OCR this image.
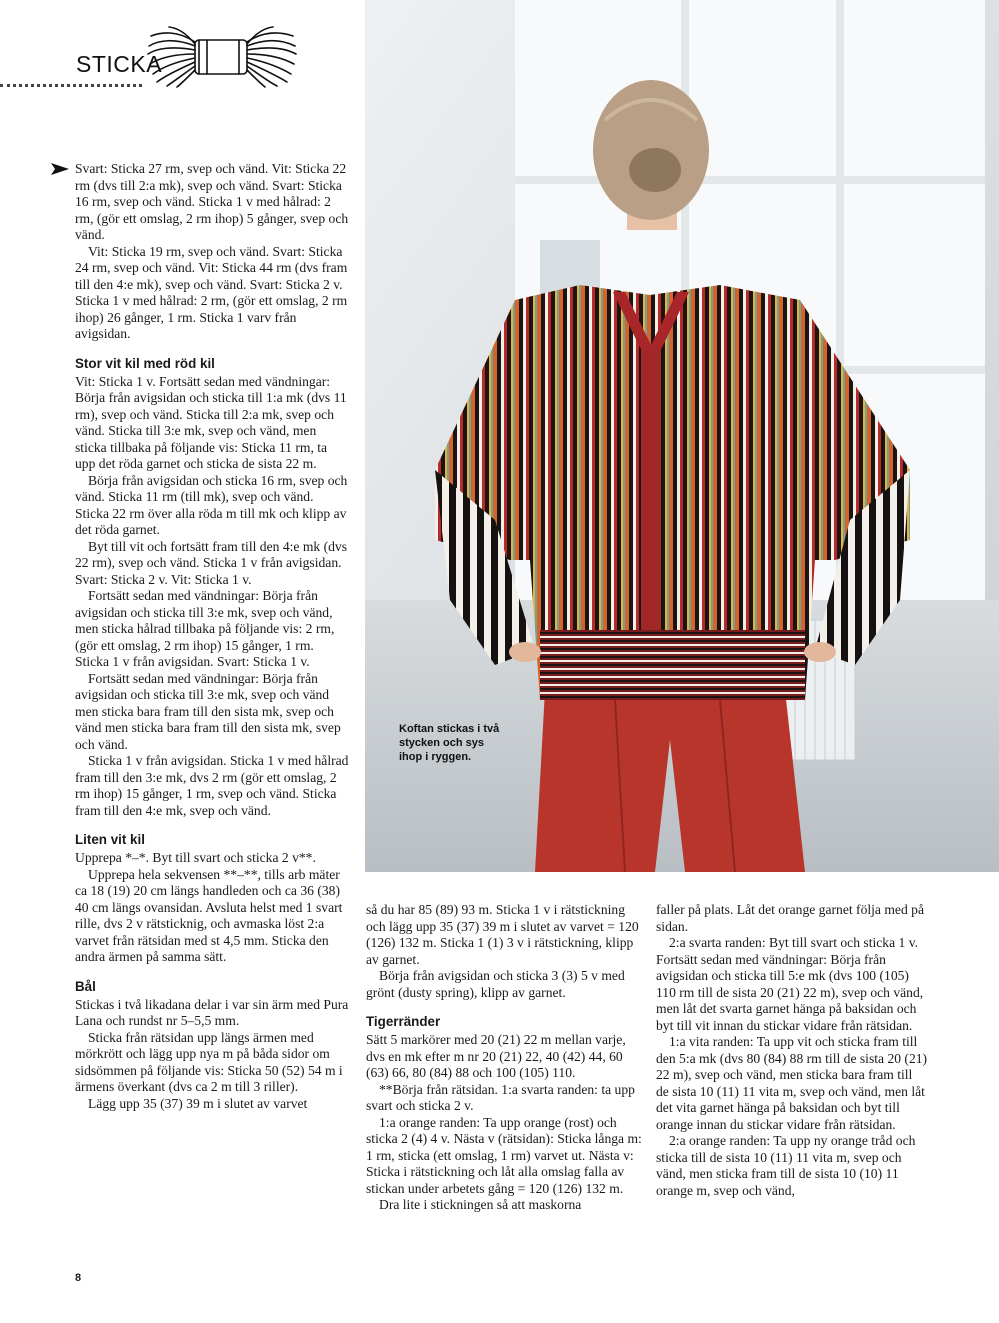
STICKA
Koftan stickas i två stycken och sys ihop i ryggen.

Svart: Sticka 27 rm, svep och vänd. Vit: Sticka 22 rm (dvs till 2:a mk), svep och vänd. Svart: Sticka 16 rm, svep och vänd. Sticka 1 v med hålrad: 2 rm, (gör ett omslag, 2 rm ihop) 5 gånger, svep och vänd.

Vit: Sticka 19 rm, svep och vänd. Svart: Sticka 24 rm, svep och vänd. Vit: Sticka 44 rm (dvs fram till den 4:e mk), svep och vänd. Svart: Sticka 2 v. Sticka 1 v med hålrad: 2 rm, (gör ett omslag, 2 rm ihop) 26 gånger, 1 rm. Sticka 1 varv från avigsidan.

Stor vit kil med röd kil

Vit: Sticka 1 v. Fortsätt sedan med vändningar: Börja från avigsidan och sticka till 1:a mk (dvs 11 rm), svep och vänd. Sticka till 2:a mk, svep och vänd. Sticka till 3:e mk, svep och vänd, men sticka tillbaka på följande vis: Sticka 11 rm, ta upp det röda garnet och sticka de sista 22 m.

Börja från avigsidan och sticka 16 rm, svep och vänd. Sticka 11 rm (till mk), svep och vänd. Sticka 22 rm över alla röda m till mk och klipp av det röda garnet.

Byt till vit och fortsätt fram till den 4:e mk (dvs 22 rm), svep och vänd. Sticka 1 v från avigsidan. Svart: Sticka 2 v. Vit: Sticka 1 v.

Fortsätt sedan med vändningar: Börja från avigsidan och sticka till 3:e mk, svep och vänd, men sticka hålrad tillbaka på följande vis: 2 rm, (gör ett omslag, 2 rm ihop) 15 gånger, 1 rm. Sticka 1 v från avigsidan. Svart: Sticka 1 v.

Fortsätt sedan med vändningar: Börja från avigsidan och sticka till 3:e mk, svep och vänd men sticka bara fram till den sista mk, svep och vänd men sticka bara fram till den sista mk, svep och vänd.

Sticka 1 v från avigsidan. Sticka 1 v med hålrad fram till den 3:e mk, dvs 2 rm (gör ett omslag, 2 rm ihop) 15 gånger, 1 rm, svep och vänd. Sticka fram till den 4:e mk, svep och vänd.

Liten vit kil

Upprepa *–*. Byt till svart och sticka 2 v**.

Upprepa hela sekvensen **–**, tills arb mäter ca 18 (19) 20 cm längs handleden och ca 36 (38) 40 cm längs ovansidan. Avsluta helst med 1 svart rille, dvs 2 v rätsticknig, och avmaska löst 2:a varvet från rätsidan med st 4,5 mm. Sticka den andra ärmen på samma sätt.

Bål

Stickas i två likadana delar i var sin ärm med Pura Lana och rundst nr 5–5,5 mm.

Sticka från rätsidan upp längs ärmen med mörkrött och lägg upp nya m på båda sidor om sidsömmen på följande vis: Sticka 50 (52) 54 m i ärmens överkant (dvs ca 2 m till 3 riller).

Lägg upp 35 (37) 39 m i slutet av varvet

så du har 85 (89) 93 m. Sticka 1 v i rätstickning och lägg upp 35 (37) 39 m i slutet av varvet = 120 (126) 132 m. Sticka 1 (1) 3 v i rätstickning, klipp av garnet.

Börja från avigsidan och sticka 3 (3) 5 v med grönt (dusty spring), klipp av garnet.

Tigerränder

Sätt 5 markörer med 20 (21) 22 m mellan varje, dvs en mk efter m nr 20 (21) 22, 40 (42) 44, 60 (63) 66, 80 (84) 88 och 100 (105) 110.

**Börja från rätsidan. 1:a svarta randen: ta upp svart och sticka 2 v.

1:a orange randen: Ta upp orange (rost) och sticka 2 (4) 4 v. Nästa v (rätsidan): Sticka långa m: 1 rm, sticka (ett omslag, 1 rm) varvet ut. Nästa v: Sticka i rätstickning och låt alla omslag falla av stickan under arbetets gång = 120 (126) 132 m.

Dra lite i stickningen så att maskorna

faller på plats. Låt det orange garnet följa med på sidan.

2:a svarta randen: Byt till svart och sticka 1 v. Fortsätt sedan med vändningar: Börja från avigsidan och sticka till 5:e mk (dvs 100 (105) 110 rm till de sista 20 (21) 22 m), svep och vänd, men låt det svarta garnet hänga på baksidan och byt till vit innan du stickar vidare från rätsidan.

1:a vita randen: Ta upp vit och sticka fram till den 5:a mk (dvs 80 (84) 88 rm till de sista 20 (21) 22 m), svep och vänd, men sticka bara fram till de sista 10 (11) 11 vita m, svep och vänd, men låt det vita garnet hänga på baksidan och byt till orange innan du stickar vidare från rätsidan.

2:a orange randen: Ta upp ny orange tråd och sticka till de sista 10 (11) 11 vita m, svep och vänd, men sticka fram till de sista 10 (10) 11 orange m, svep och vänd,

8
